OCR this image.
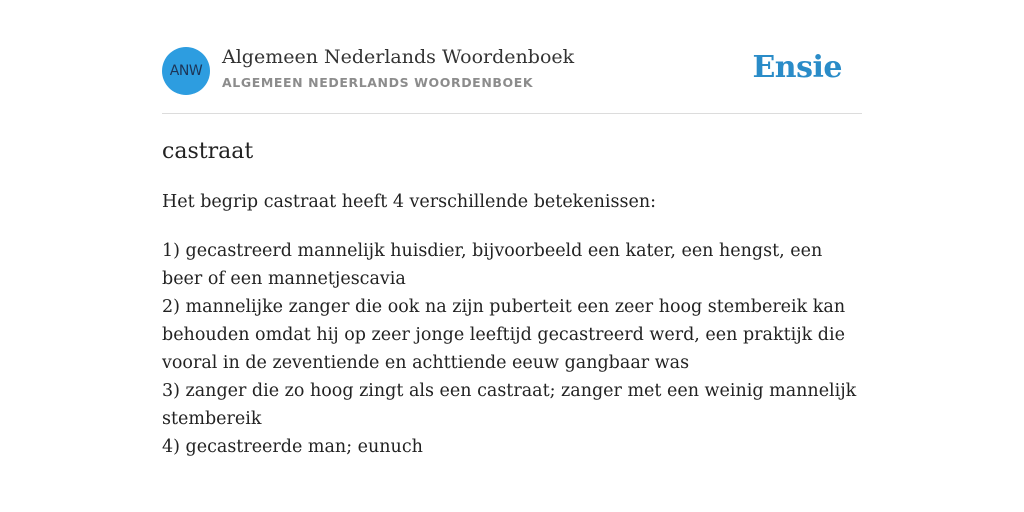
ANW
Algemeen Nederlands Woordenboek
ALGEMEEN NEDERLANDS WOORDENBOEK	Ensie
castraat

Het begrip castraat heeft 4 verschillende betekenissen:

1) gecastreerd mannelijk huisdier, bijvoorbeeld een kater, een hengst, een beer of een mannetjescavia
2) mannelijke zanger die ook na zijn puberteit een zeer hoog stembereik kan behouden omdat hij op zeer jonge leeftijd gecastreerd werd, een praktijk die vooral in de zeventiende en achttiende eeuw gangbaar was
3) zanger die zo hoog zingt als een castraat; zanger met een weinig mannelijk stembereik
4) gecastreerde man; eunuch
